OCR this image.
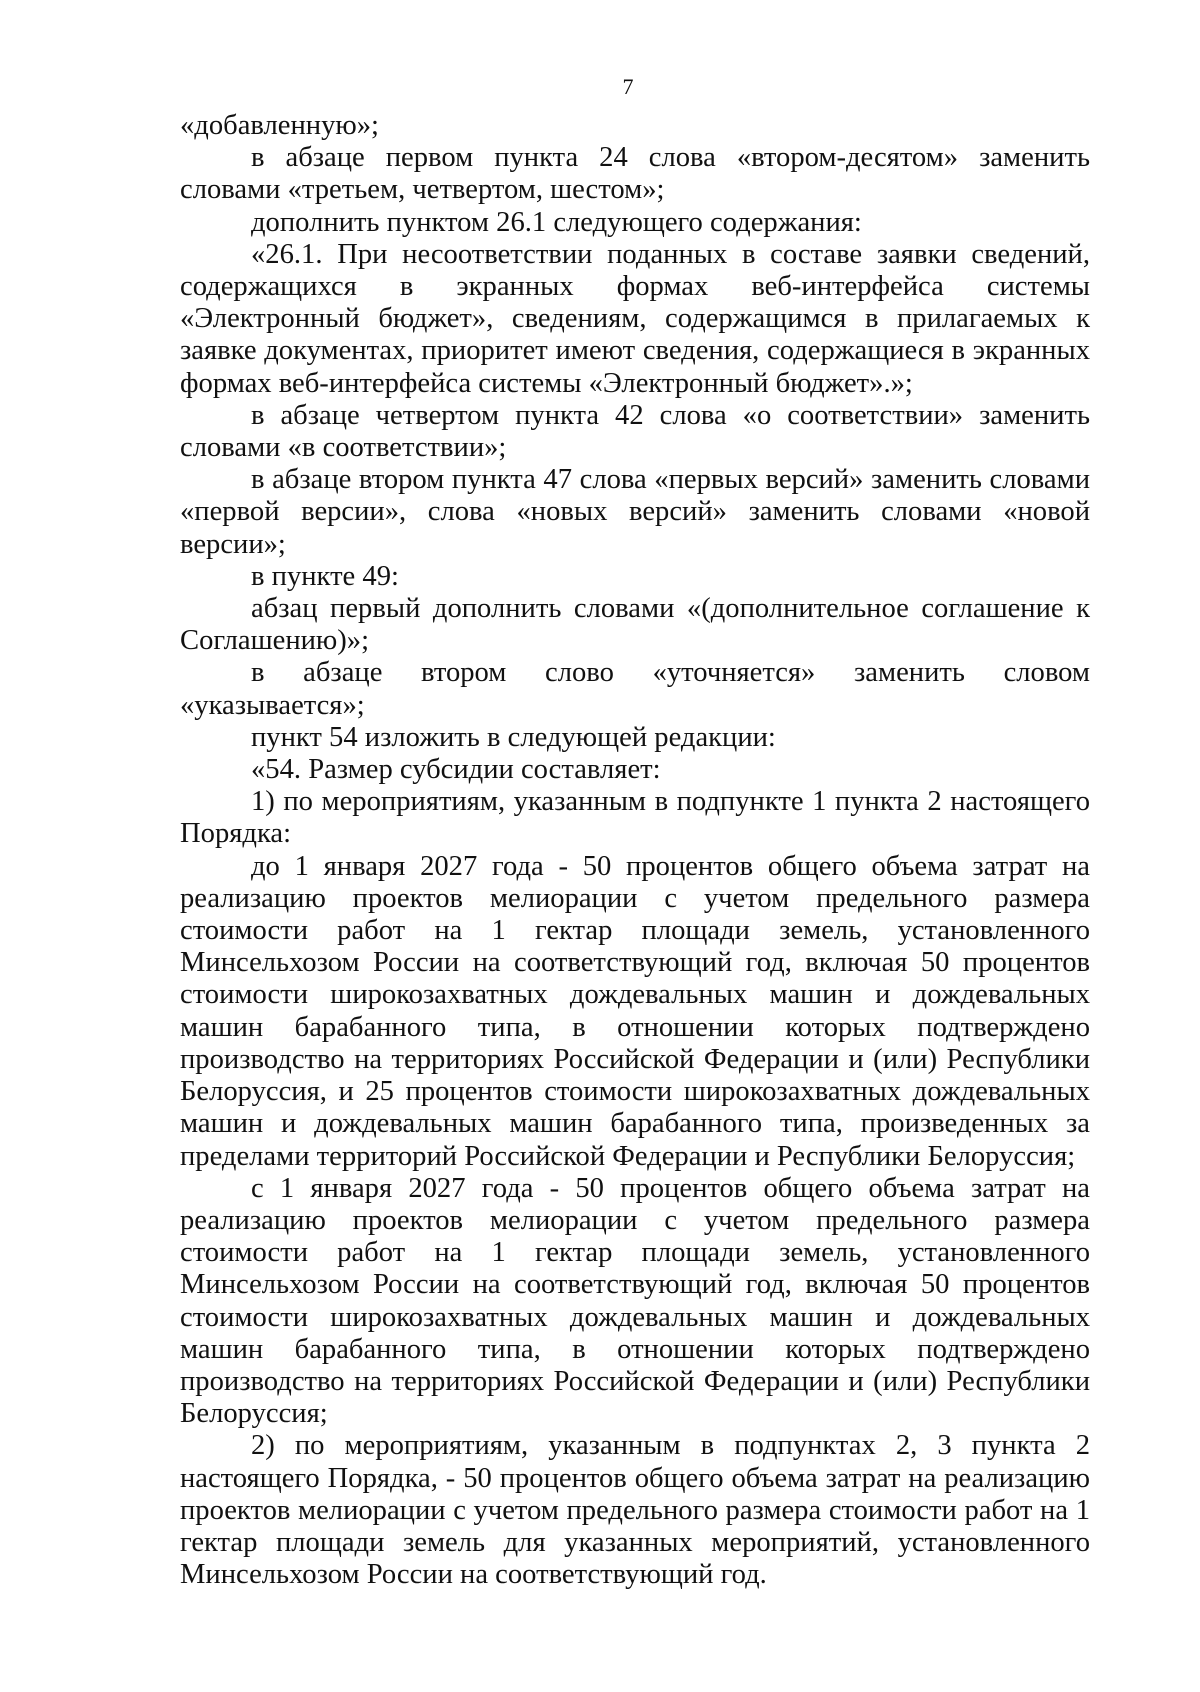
7

«добавленную»;

в абзаце первом пункта 24 слова «втором-десятом» заменить словами «третьем, четвертом, шестом»;

дополнить пунктом 26.1 следующего содержания:

«26.1. При несоответствии поданных в составе заявки сведений, содержащихся в экранных формах веб-интерфейса системы «Электронный бюджет», сведениям, содержащимся в прилагаемых к заявке документах, приоритет имеют сведения, содержащиеся в экранных формах веб-интерфейса системы «Электронный бюджет».»;

в абзаце четвертом пункта 42 слова «о соответствии» заменить словами «в соответствии»;

в абзаце втором пункта 47 слова «первых версий» заменить словами «первой версии», слова «новых версий» заменить словами «новой версии»;

в пункте 49:

абзац первый дополнить словами «(дополнительное соглашение к Соглашению)»;

в абзаце втором слово «уточняется» заменить словом «указывается»;

пункт 54 изложить в следующей редакции:

«54. Размер субсидии составляет:

1) по мероприятиям, указанным в подпункте 1 пункта 2 настоящего Порядка:

до 1 января 2027 года - 50 процентов общего объема затрат на реализацию проектов мелиорации с учетом предельного размера стоимости работ на 1 гектар площади земель, установленного Минсельхозом России на соответствующий год, включая 50 процентов стоимости широкозахватных дождевальных машин и дождевальных машин барабанного типа, в отношении которых подтверждено производство на территориях Российской Федерации и (или) Республики Белоруссия, и 25 процентов стоимости широкозахватных дождевальных машин и дождевальных машин барабанного типа, произведенных за пределами территорий Российской Федерации и Республики Белоруссия;

с 1 января 2027 года - 50 процентов общего объема затрат на реализацию проектов мелиорации с учетом предельного размера стоимости работ на 1 гектар площади земель, установленного Минсельхозом России на соответствующий год, включая 50 процентов стоимости широкозахватных дождевальных машин и дождевальных машин барабанного типа, в отношении которых подтверждено производство на территориях Российской Федерации и (или) Республики Белоруссия;

2) по мероприятиям, указанным в подпунктах 2, 3 пункта 2 настоящего Порядка, - 50 процентов общего объема затрат на реализацию проектов мелиорации с учетом предельного размера стоимости работ на 1 гектар площади земель для указанных мероприятий, установленного Минсельхозом России на соответствующий год.
